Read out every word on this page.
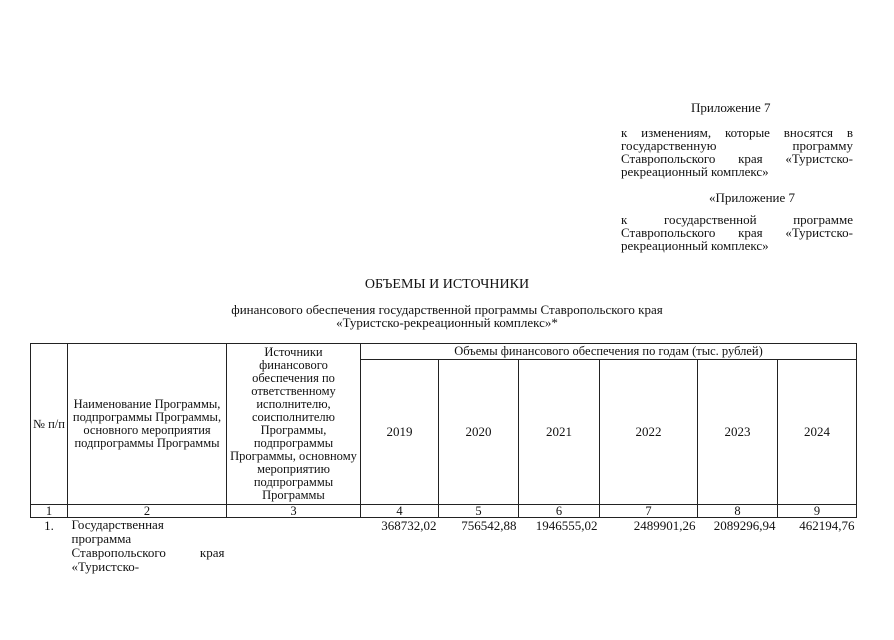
Приложение 7
к изменениям, которые вносятся в государственную программу Ставропольского края «Туристско-рекреационный комплекс»
«Приложение 7
к государственной программе Ставропольского края «Туристско-рекреационный комплекс»
ОБЪЕМЫ И ИСТОЧНИКИ
финансового обеспечения государственной программы Ставропольского края
«Туристско-рекреационный комплекс»*
№ п/п	Наименование Программы, подпрограммы Программы, основного мероприятия подпрограммы Программы	Источники финансового обеспечения по ответственному исполнителю, соисполнителю Программы, подпрограммы Программы, основному мероприятию подпрограммы Программы	Объемы финансового обеспечения по годам (тыс. рублей)					
			2019	2020	2021	2022	2023	2024
1	2	3	4	5	6	7	8	9
1.	Государственная программа Ставропольского края «Туристско-		368732,02	756542,88	1946555,02	2489901,26	2089296,94	462194,76
